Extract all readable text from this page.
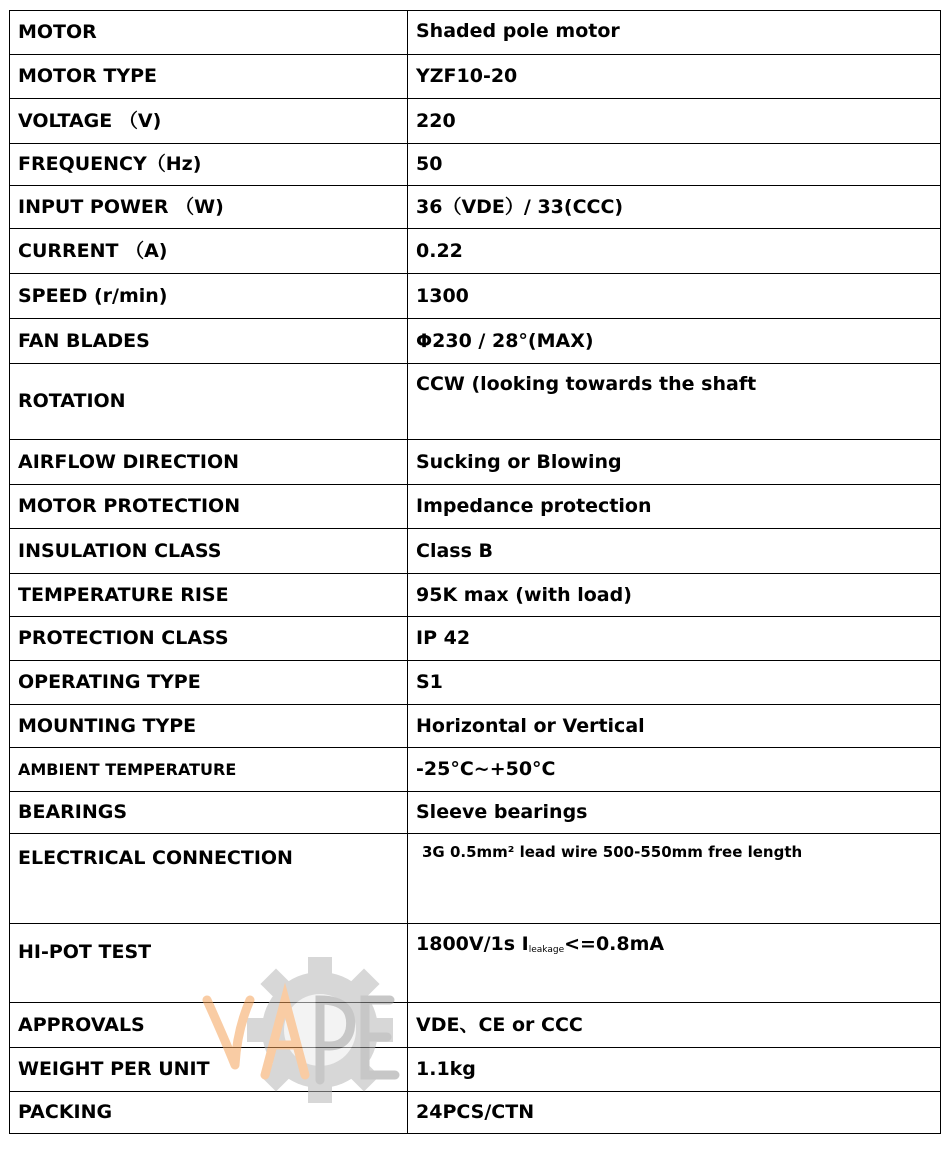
MOTOR	Shaded pole motor
MOTOR TYPE	YZF10-20
VOLTAGE （V)	220
FREQUENCY（Hz)	50
INPUT POWER （W)	36（VDE）/ 33(CCC)
CURRENT （A)	0.22
SPEED (r/min)	1300
FAN BLADES	Φ230 / 28°(MAX)
ROTATION	CCW (looking towards the shaft
AIRFLOW DIRECTION	Sucking or Blowing
MOTOR PROTECTION	Impedance protection
INSULATION CLASS	Class B
TEMPERATURE RISE	95K max (with load)
PROTECTION CLASS	IP 42
OPERATING TYPE	S1
MOUNTING TYPE	Horizontal or Vertical
AMBIENT TEMPERATURE	-25°C~+50°C
BEARINGS	Sleeve bearings
ELECTRICAL CONNECTION	3G 0.5mm² lead wire 500-550mm free length
HI-POT TEST	1800V/1s Ileakage<=0.8mA
APPROVALS	VDE、CE or CCC
WEIGHT PER UNIT	1.1kg
PACKING	24PCS/CTN
